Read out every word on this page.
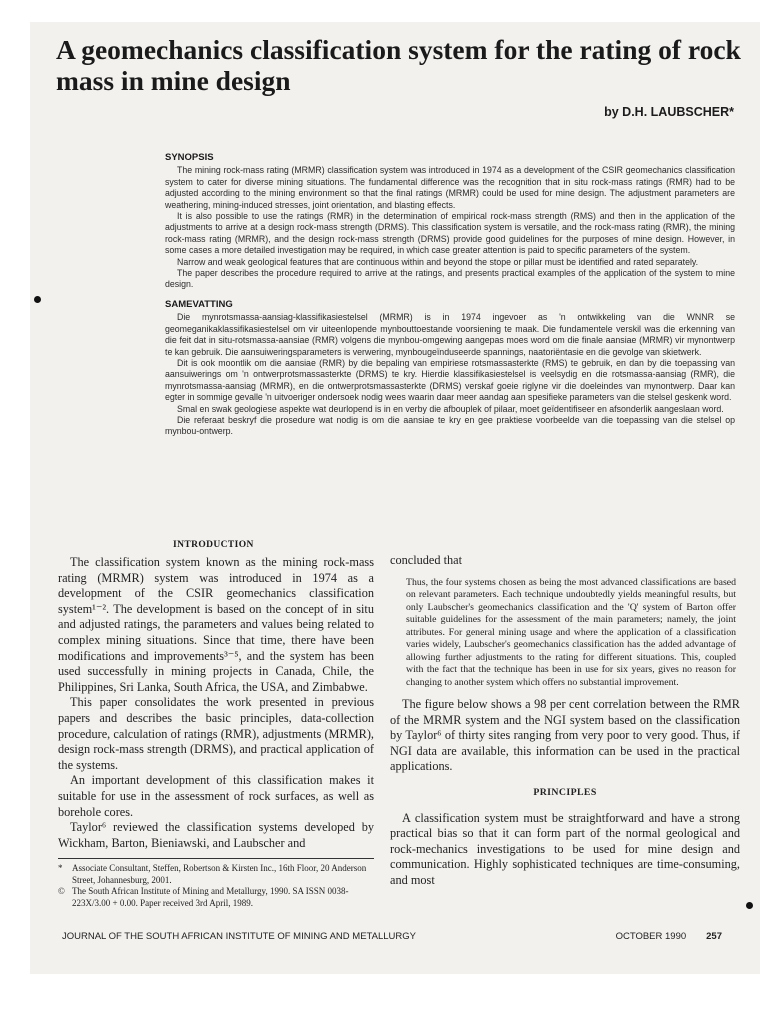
A geomechanics classification system for the rating of rock mass in mine design
by D.H. LAUBSCHER*
SYNOPSIS

The mining rock-mass rating (MRMR) classification system was introduced in 1974 as a development of the CSIR geomechanics classification system to cater for diverse mining situations. The fundamental difference was the recognition that in situ rock-mass ratings (RMR) had to be adjusted according to the mining environment so that the final ratings (MRMR) could be used for mine design. The adjustment parameters are weathering, mining-induced stresses, joint orientation, and blasting effects.

It is also possible to use the ratings (RMR) in the determination of empirical rock-mass strength (RMS) and then in the application of the adjustments to arrive at a design rock-mass strength (DRMS). This classification system is versatile, and the rock-mass rating (RMR), the mining rock-mass rating (MRMR), and the design rock-mass strength (DRMS) provide good guidelines for the purposes of mine design. However, in some cases a more detailed investigation may be required, in which case greater attention is paid to specific parameters of the system.

Narrow and weak geological features that are continuous within and beyond the stope or pillar must be identified and rated separately.

The paper describes the procedure required to arrive at the ratings, and presents practical examples of the application of the system to mine design.

SAMEVATTING

Die mynrotsmassa-aansiag-klassifikasiestelsel (MRMR) is in 1974 ingevoer as 'n ontwikkeling van die WNNR se geomeganikaklassifikasiestelsel om vir uiteenlopende mynbouttoestande voorsiening te maak. Die fundamentele verskil was die erkenning van die feit dat in situ-rotsmassa-aansiae (RMR) volgens die mynbou-omgewing aangepas moes word om die finale aansiae (MRMR) vir mynontwerp te kan gebruik. Die aansuiweringsparameters is verwering, mynbougeïnduseerde spannings, naatoriëntasie en die gevolge van skietwerk.

Dit is ook moontlik om die aansiae (RMR) by die bepaling van empiriese rotsmassasterkte (RMS) te gebruik, en dan by die toepassing van aansuiwerings om 'n ontwerprotsmassasterkte (DRMS) te kry. Hierdie klassifikasiestelsel is veelsydig en die rotsmassa-aansiag (RMR), die mynrotsmassa-aansiag (MRMR), en die ontwerprotsmassasterkte (DRMS) verskaf goeie riglyne vir die doeleindes van mynontwerp. Daar kan egter in sommige gevalle 'n uitvoeriger ondersoek nodig wees waarin daar meer aandag aan spesifieke parameters van die stelsel geskenk word.

Smal en swak geologiese aspekte wat deurlopend is in en verby die afbouplek of pilaar, moet geïdentifiseer en afsonderlik aangeslaan word.

Die referaat beskryf die prosedure wat nodig is om die aansiae te kry en gee praktiese voorbeelde van die toepassing van die stelsel op mynbou-ontwerp.

INTRODUCTION

The classification system known as the mining rock-mass rating (MRMR) system was introduced in 1974 as a development of the CSIR geomechanics classification system¹⁻². The development is based on the concept of in situ and adjusted ratings, the parameters and values being related to complex mining situations. Since that time, there have been modifications and improvements³⁻⁵, and the system has been used successfully in mining projects in Canada, Chile, the Philippines, Sri Lanka, South Africa, the USA, and Zimbabwe.

This paper consolidates the work presented in previous papers and describes the basic principles, data-collection procedure, calculation of ratings (RMR), adjustments (MRMR), design rock-mass strength (DRMS), and practical application of the systems.

An important development of this classification makes it suitable for use in the assessment of rock surfaces, as well as borehole cores.

Taylor⁶ reviewed the classification systems developed by Wickham, Barton, Bieniawski, and Laubscher and

concluded that

Thus, the four systems chosen as being the most advanced classifications are based on relevant parameters. Each technique undoubtedly yields meaningful results, but only Laubscher's geomechanics classification and the 'Q' system of Barton offer suitable guidelines for the assessment of the main parameters; namely, the joint attributes. For general mining usage and where the application of a classification varies widely, Laubscher's geomechanics classification has the added advantage of allowing further adjustments to the rating for different situations. This, coupled with the fact that the technique has been in use for six years, gives no reason for changing to another system which offers no substantial improvement.

The figure below shows a 98 per cent correlation between the RMR of the MRMR system and the NGI system based on the classification by Taylor⁶ of thirty sites ranging from very poor to very good. Thus, if NGI data are available, this information can be used in the practical applications.

PRINCIPLES

A classification system must be straightforward and have a strong practical bias so that it can form part of the normal geological and rock-mechanics investigations to be used for mine design and communication. Highly sophisticated techniques are time-consuming, and most

*	Associate Consultant, Steffen, Robertson & Kirsten Inc., 16th Floor, 20 Anderson Street, Johannesburg, 2001.
© The South African Institute of Mining and Metallurgy, 1990. SA ISSN 0038-223X/3.00 + 0.00. Paper received 3rd April, 1989.
JOURNAL OF THE SOUTH AFRICAN INSTITUTE OF MINING AND METALLURGY	OCTOBER 1990 257
